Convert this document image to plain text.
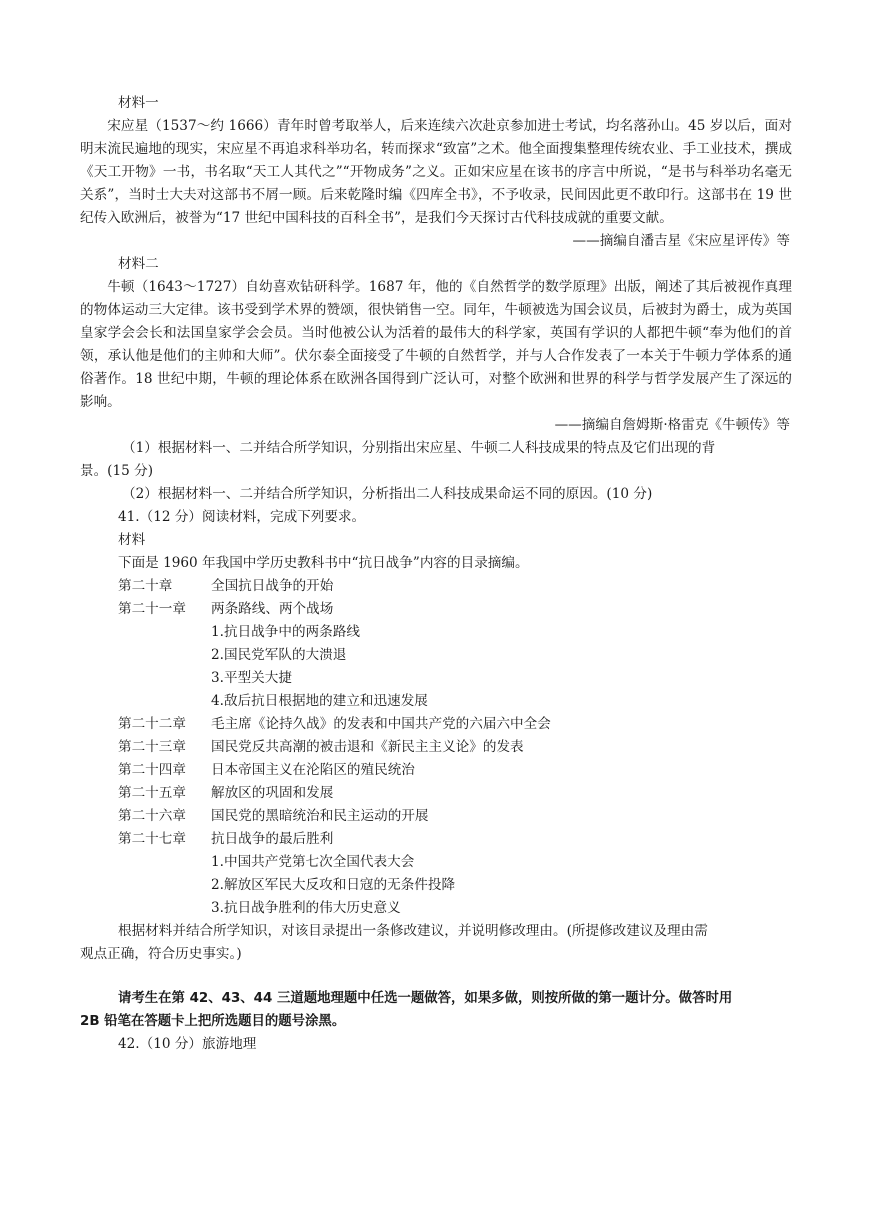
材料一

宋应星（1537～约 1666）青年时曾考取举人，后来连续六次赴京参加进士考试，均名落孙山。45 岁以后，面对明末流民遍地的现实，宋应星不再追求科举功名，转而探求“致富”之术。他全面搜集整理传统农业、手工业技术，撰成《天工开物》一书，书名取“天工人其代之”“开物成务”之义。正如宋应星在该书的序言中所说，“是书与科举功名毫无关系”，当时士大夫对这部书不屑一顾。后来乾隆时编《四库全书》，不予收录，民间因此更不敢印行。这部书在 19 世纪传入欧洲后，被誉为“17 世纪中国科技的百科全书”，是我们今天探讨古代科技成就的重要文献。

——摘编自潘吉星《宋应星评传》等
材料二

牛顿（1643～1727）自幼喜欢钻研科学。1687 年，他的《自然哲学的数学原理》出版，阐述了其后被视作真理的物体运动三大定律。该书受到学术界的赞颂，很快销售一空。同年，牛顿被选为国会议员，后被封为爵士，成为英国皇家学会会长和法国皇家学会会员。当时他被公认为活着的最伟大的科学家，英国有学识的人都把牛顿“奉为他们的首领，承认他是他们的主帅和大师”。伏尔泰全面接受了牛顿的自然哲学，并与人合作发表了一本关于牛顿力学体系的通俗著作。18 世纪中期，牛顿的理论体系在欧洲各国得到广泛认可，对整个欧洲和世界的科学与哲学发展产生了深远的影响。

——摘编自詹姆斯·格雷克《牛顿传》等
（1）根据材料一、二并结合所学知识，分别指出宋应星、牛顿二人科技成果的特点及它们出现的背
景。(15 分)
（2）根据材料一、二并结合所学知识，分析指出二人科技成果命运不同的原因。(10 分)
41.（12 分）阅读材料，完成下列要求。
材料
下面是 1960 年我国中学历史教科书中“抗日战争”内容的目录摘编。
第二十章	全国抗日战争的开始
第二十一章	两条路线、两个战场
1.抗日战争中的两条路线
2.国民党军队的大溃退
3.平型关大捷
4.敌后抗日根据地的建立和迅速发展
第二十二章	毛主席《论持久战》的发表和中国共产党的六届六中全会
第二十三章	国民党反共高潮的被击退和《新民主主义论》的发表
第二十四章	日本帝国主义在沦陷区的殖民统治
第二十五章	解放区的巩固和发展
第二十六章	国民党的黑暗统治和民主运动的开展
第二十七章	抗日战争的最后胜利
1.中国共产党第七次全国代表大会
2.解放区军民大反攻和日寇的无条件投降
3.抗日战争胜利的伟大历史意义
根据材料并结合所学知识，对该目录提出一条修改建议，并说明修改理由。(所提修改建议及理由需
观点正确，符合历史事实。)
请考生在第 42、43、44 三道题地理题中任选一题做答，如果多做，则按所做的第一题计分。做答时用
2B 铅笔在答题卡上把所选题目的题号涂黑。
42.（10 分）旅游地理
